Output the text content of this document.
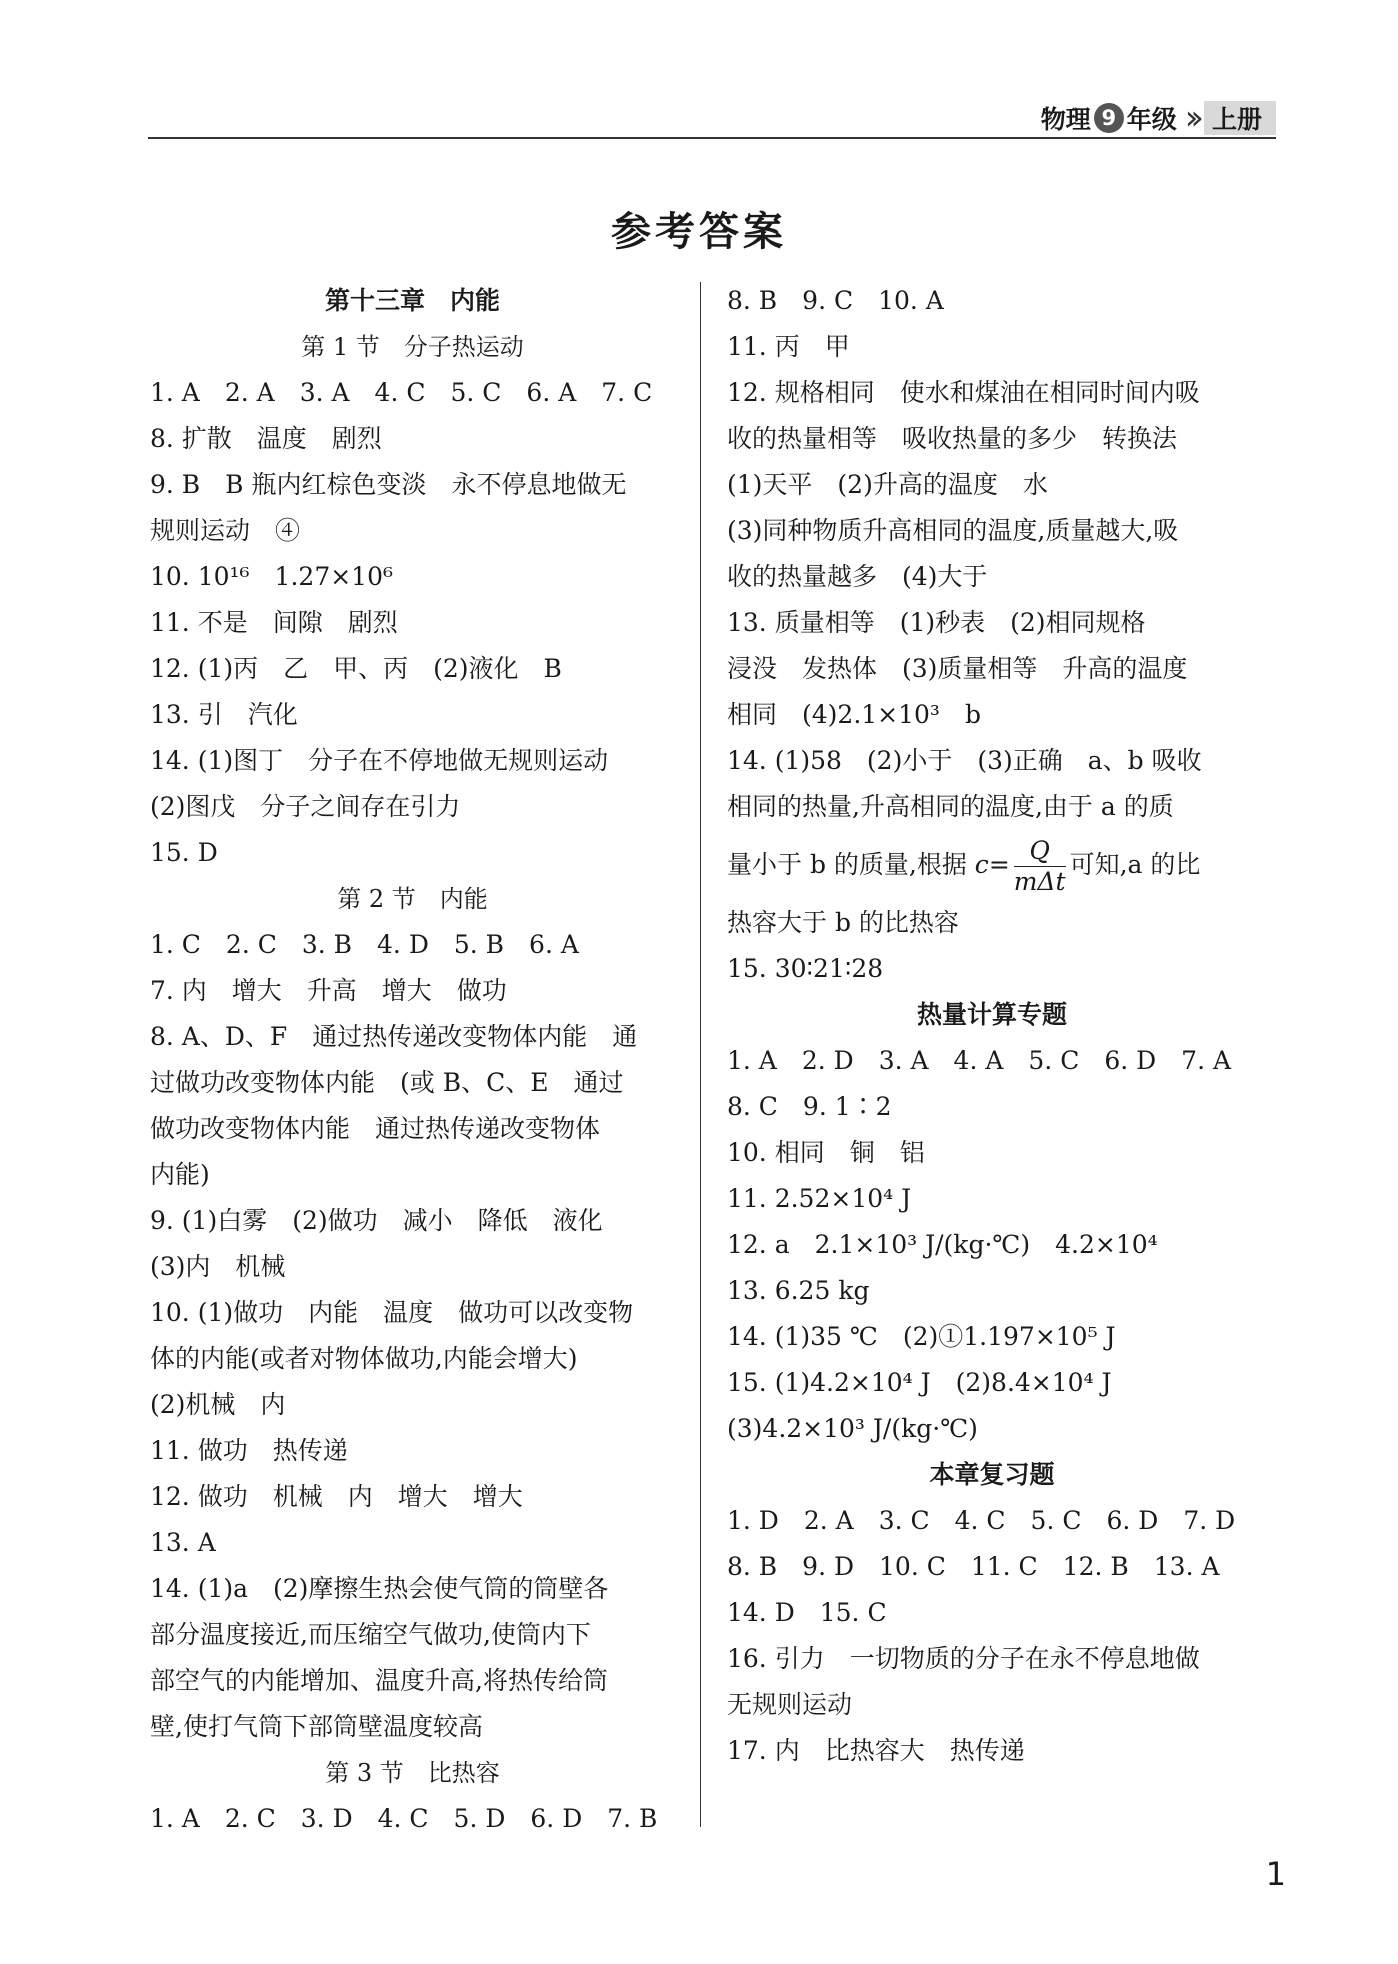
物理 9 年级 ›› 上册
参考答案
第十三章　内能
第 1 节　分子热运动
1. A　2. A　3. A　4. C　5. C　6. A　7. C
8. 扩散　温度　剧烈
9. B　B 瓶内红棕色变淡　永不停息地做无
规则运动　④
10. 10¹⁶　1.27×10⁶
11. 不是　间隙　剧烈
12. (1)丙　乙　甲、丙　(2)液化　B
13. 引　汽化
14. (1)图丁　分子在不停地做无规则运动
(2)图戊　分子之间存在引力
15. D
第 2 节　内能
1. C　2. C　3. B　4. D　5. B　6. A
7. 内　增大　升高　增大　做功
8. A、D、F　通过热传递改变物体内能　通
过做功改变物体内能　(或 B、C、E　通过
做功改变物体内能　通过热传递改变物体
内能)
9. (1)白雾　(2)做功　减小　降低　液化
(3)内　机械
10. (1)做功　内能　温度　做功可以改变物
体的内能(或者对物体做功,内能会增大)
(2)机械　内
11. 做功　热传递
12. 做功　机械　内　增大　增大
13. A
14. (1)a　(2)摩擦生热会使气筒的筒壁各
部分温度接近,而压缩空气做功,使筒内下
部空气的内能增加、温度升高,将热传给筒
壁,使打气筒下部筒壁温度较高
第 3 节　比热容
1. A　2. C　3. D　4. C　5. D　6. D　7. B
8. B　9. C　10. A
11. 丙　甲
12. 规格相同　使水和煤油在相同时间内吸
收的热量相等　吸收热量的多少　转换法
(1)天平　(2)升高的温度　水
(3)同种物质升高相同的温度,质量越大,吸
收的热量越多　(4)大于
13. 质量相等　(1)秒表　(2)相同规格
浸没　发热体　(3)质量相等　升高的温度
相同　(4)2.1×10³　b
14. (1)58　(2)小于　(3)正确　a、b 吸收
相同的热量,升高相同的温度,由于 a 的质
量小于 b 的质量,根据 $c= \frac{Q}{\text{mΔt}}$ 可知,a 的比
热容大于 b 的比热容
15. 30∶21∶28
热量计算专题
1. A　2. D　3. A　4. A　5. C　6. D　7. A
8. C　9. 1∶2
10. 相同　铜　铝
11. 2.52×10⁴ J
12. a　2.1×10³ J/(kg·℃)　4.2×10⁴
13. 6.25 kg
14. (1)35 ℃　(2)①1.197×10⁵ J
15. (1)4.2×10⁴ J　(2)8.4×10⁴ J
(3)4.2×10³ J/(kg·℃)
本章复习题
1. D　2. A　3. C　4. C　5. C　6. D　7. D
8. B　9. D　10. C　11. C　12. B　13. A
14. D　15. C
16. 引力　一切物质的分子在永不停息地做
无规则运动
17. 内　比热容大　热传递
1
